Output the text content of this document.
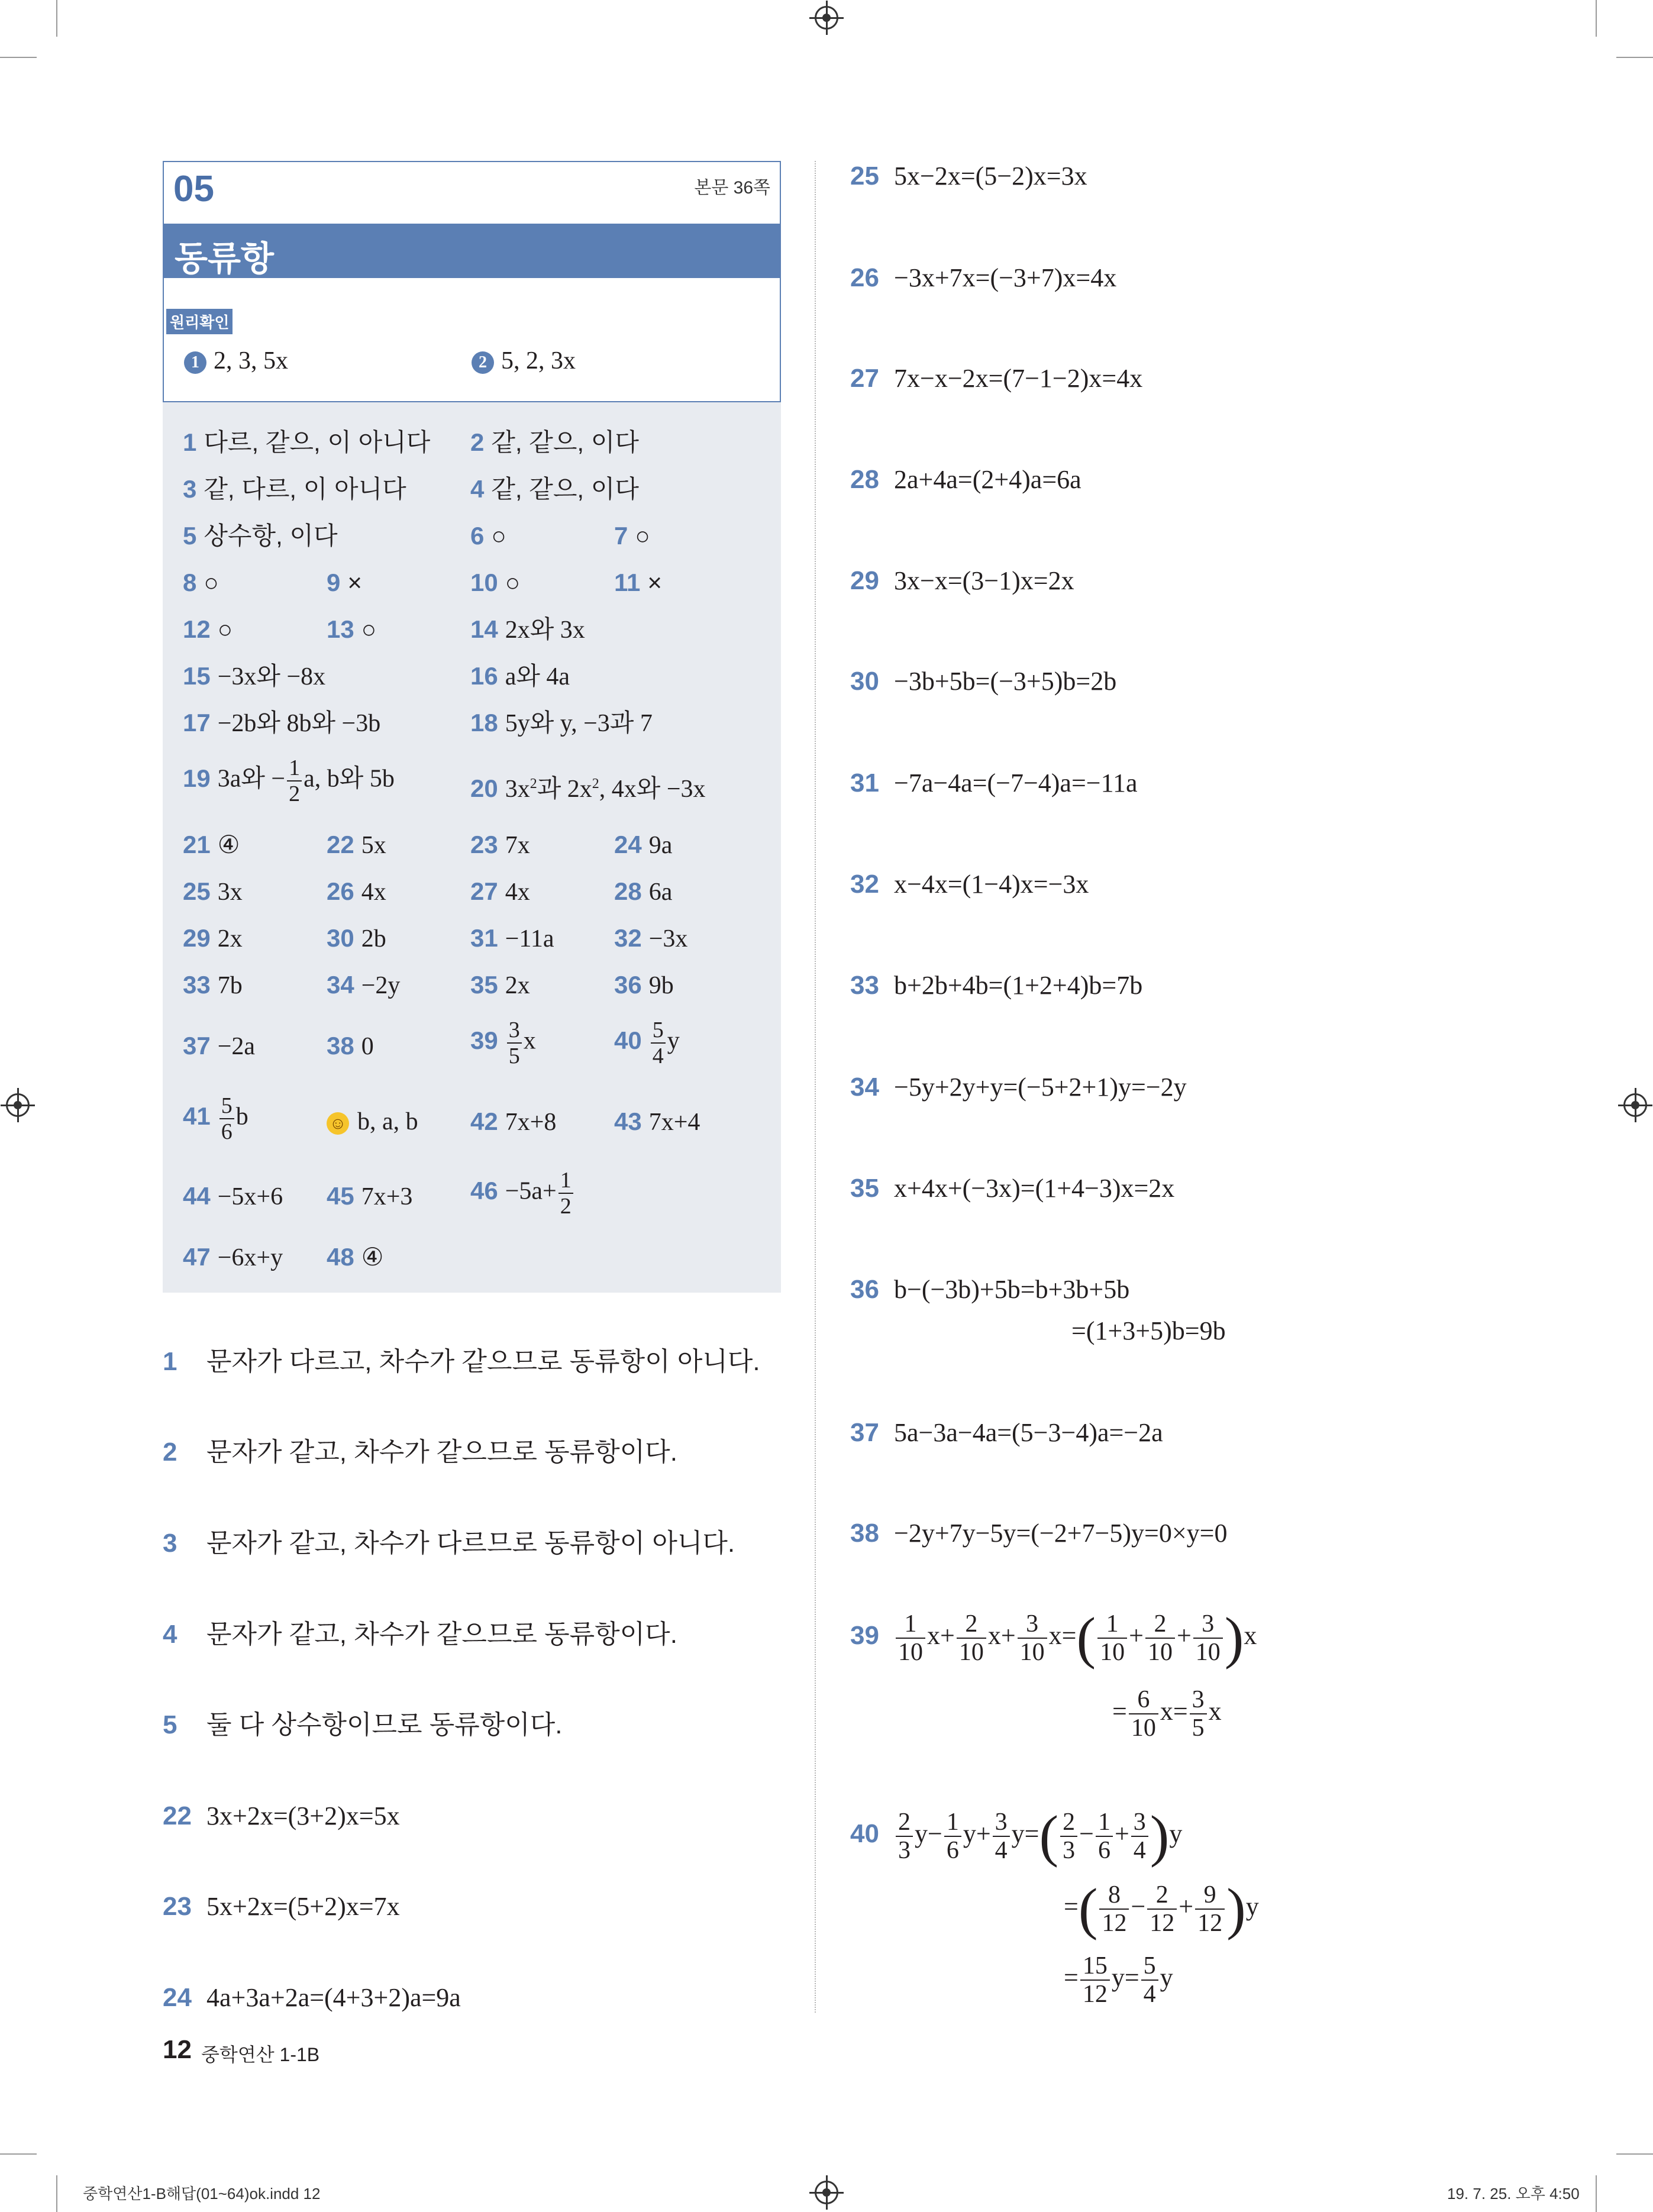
05	본문 36쪽
동류항
원리확인
1 2, 3, 5x	2 5, 2, 3x
1 다르, 같으, 이 아니다 2 같, 같으, 이다
3 같, 다르, 이 아니다	4 같, 같으, 이다
5 상수항, 이다	6 ○	7 ○
8 ○	9 ×	10 ○	11 ×
12 ○	13 ○	14 2x와 3x
15 −3x와 −8x	16 a와 4a
17 −2b와 8b와 −3b	18 5y와 y, −3과 7
19 3a와 − $\frac{1}{2} a$, b와 5b	20 $3x^2$과 $2x^2$, 4x와 −3x
21 ④	22 5x	23 7x	24 9a
25 3x	26 4x	27 4x	28 6a
29 2x	30 2b	31 −11a 32 −3x
33 7b	34 −2y	35 2x	36 9b
37 −2a	38 0	$39 \frac{3}{5}$ x	$40 \frac{5}{4}$ y
$41 \frac{5}{6}$ b	☺ b, a, b 42 7x+8 43 7x+4
44 −5x+6 45 7x+3 $46 -5a+ \frac{1}{2}$
47 −6x+y 48 ④
1 문자가 다르고, 차수가 같으므로 동류항이 아니다.
2 문자가 같고, 차수가 같으므로 동류항이다.
3 문자가 같고, 차수가 다르므로 동류항이 아니다.
4 문자가 같고, 차수가 같으므로 동류항이다.
5 둘 다 상수항이므로 동류항이다.
22 3x+2x=(3+2)x=5x
23 5x+2x=(5+2)x=7x
24 4a+3a+2a=(4+3+2)a=9a
25 5x−2x=(5−2)x=3x
26 −3x+7x=(−3+7)x=4x
27 7x−x−2x=(7−1−2)x=4x
28 2a+4a=(2+4)a=6a
29 3x−x=(3−1)x=2x
30 −3b+5b=(−3+5)b=2b
31 −7a−4a=(−7−4)a=−11a
32 x−4x=(1−4)x=−3x
33 b+2b+4b=(1+2+4)b=7b
34 −5y+2y+y=(−5+2+1)y=−2y
35 x+4x+(−3x)=(1+4−3)x=2x
36 b−(−3b)+5b=b+3b+5b
=(1+3+5)b=9b
37 5a−3a−4a=(5−3−4)a=−2a
38 −2y+7y−5y=(−2+7−5)y=0×y=0
$39 \frac{1}{10} x+ \frac{2}{10} x+ \frac{3}{10} x=( \frac{1}{10} + \frac{2}{10} + \frac{3}{10} )x$
= $\frac{6}{10} x= \frac{3}{5}$ x
$40 \frac{2}{3} y- \frac{1}{6} y+ \frac{3}{4} y=( \frac{2}{3} - \frac{1}{6} + \frac{3}{4} )y$
=( $\frac{8}{12} - \frac{2}{12} + \frac{9}{12} )y$
= $\frac{15}{12} y= \frac{5}{4}$ y
12 중학연산 1-1B
중학연산1-B해답(01~64)ok.indd 12	19. 7. 25. 오후 4:50
